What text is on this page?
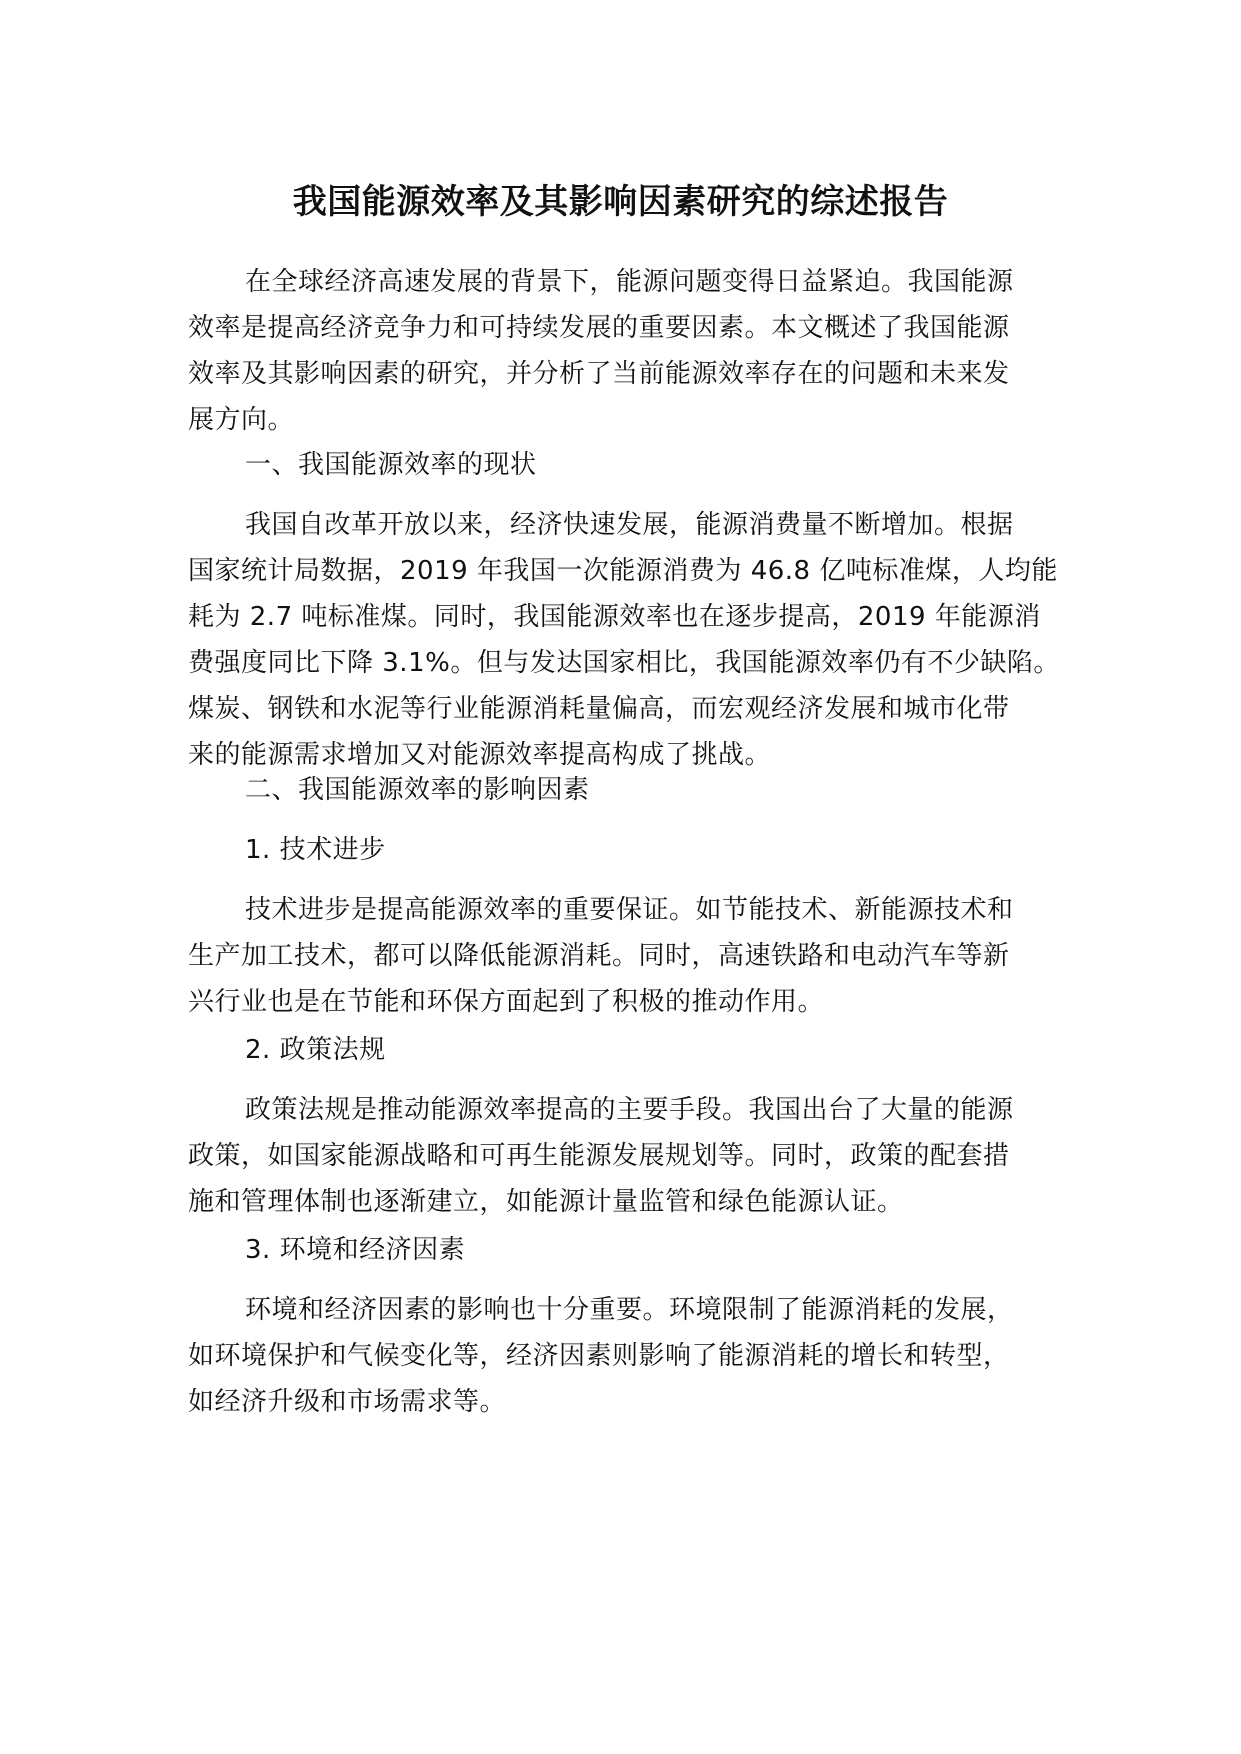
我国能源效率及其影响因素研究的综述报告
在全球经济高速发展的背景下，能源问题变得日益紧迫。我国能源
效率是提高经济竞争力和可持续发展的重要因素。本文概述了我国能源
效率及其影响因素的研究，并分析了当前能源效率存在的问题和未来发
展方向。
一、我国能源效率的现状
我国自改革开放以来，经济快速发展，能源消费量不断增加。根据
国家统计局数据，2019 年我国一次能源消费为 46.8 亿吨标准煤，人均能
耗为 2.7 吨标准煤。同时，我国能源效率也在逐步提高，2019 年能源消
费强度同比下降 3.1%。但与发达国家相比，我国能源效率仍有不少缺陷。
煤炭、钢铁和水泥等行业能源消耗量偏高，而宏观经济发展和城市化带
来的能源需求增加又对能源效率提高构成了挑战。
二、我国能源效率的影响因素
1. 技术进步
技术进步是提高能源效率的重要保证。如节能技术、新能源技术和
生产加工技术，都可以降低能源消耗。同时，高速铁路和电动汽车等新
兴行业也是在节能和环保方面起到了积极的推动作用。
2. 政策法规
政策法规是推动能源效率提高的主要手段。我国出台了大量的能源
政策，如国家能源战略和可再生能源发展规划等。同时，政策的配套措
施和管理体制也逐渐建立，如能源计量监管和绿色能源认证。
3. 环境和经济因素
环境和经济因素的影响也十分重要。环境限制了能源消耗的发展，
如环境保护和气候变化等，经济因素则影响了能源消耗的增长和转型，
如经济升级和市场需求等。
